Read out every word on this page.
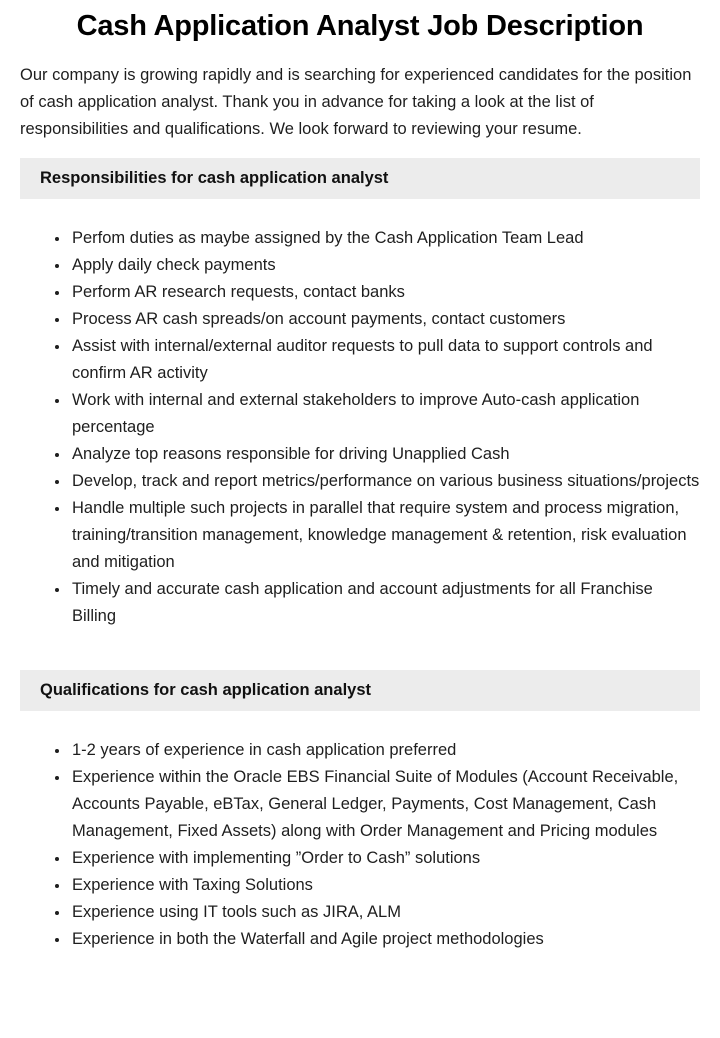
Cash Application Analyst Job Description

Our company is growing rapidly and is searching for experienced candidates for the position of cash application analyst. Thank you in advance for taking a look at the list of responsibilities and qualifications. We look forward to reviewing your resume.

Responsibilities for cash application analyst
• Perfom duties as maybe assigned by the Cash Application Team Lead
• Apply daily check payments
• Perform AR research requests, contact banks
• Process AR cash spreads/on account payments, contact customers
• Assist with internal/external auditor requests to pull data to support controls and confirm AR activity
• Work with internal and external stakeholders to improve Auto-cash application percentage
• Analyze top reasons responsible for driving Unapplied Cash
• Develop, track and report metrics/performance on various business situations/projects
• Handle multiple such projects in parallel that require system and process migration, training/transition management, knowledge management & retention, risk evaluation and mitigation
• Timely and accurate cash application and account adjustments for all Franchise Billing
Qualifications for cash application analyst
• 1-2 years of experience in cash application preferred
• Experience within the Oracle EBS Financial Suite of Modules (Account Receivable, Accounts Payable, eBTax, General Ledger, Payments, Cost Management, Cash Management, Fixed Assets) along with Order Management and Pricing modules
• Experience with implementing ”Order to Cash” solutions
• Experience with Taxing Solutions
• Experience using IT tools such as JIRA, ALM
• Experience in both the Waterfall and Agile project methodologies
